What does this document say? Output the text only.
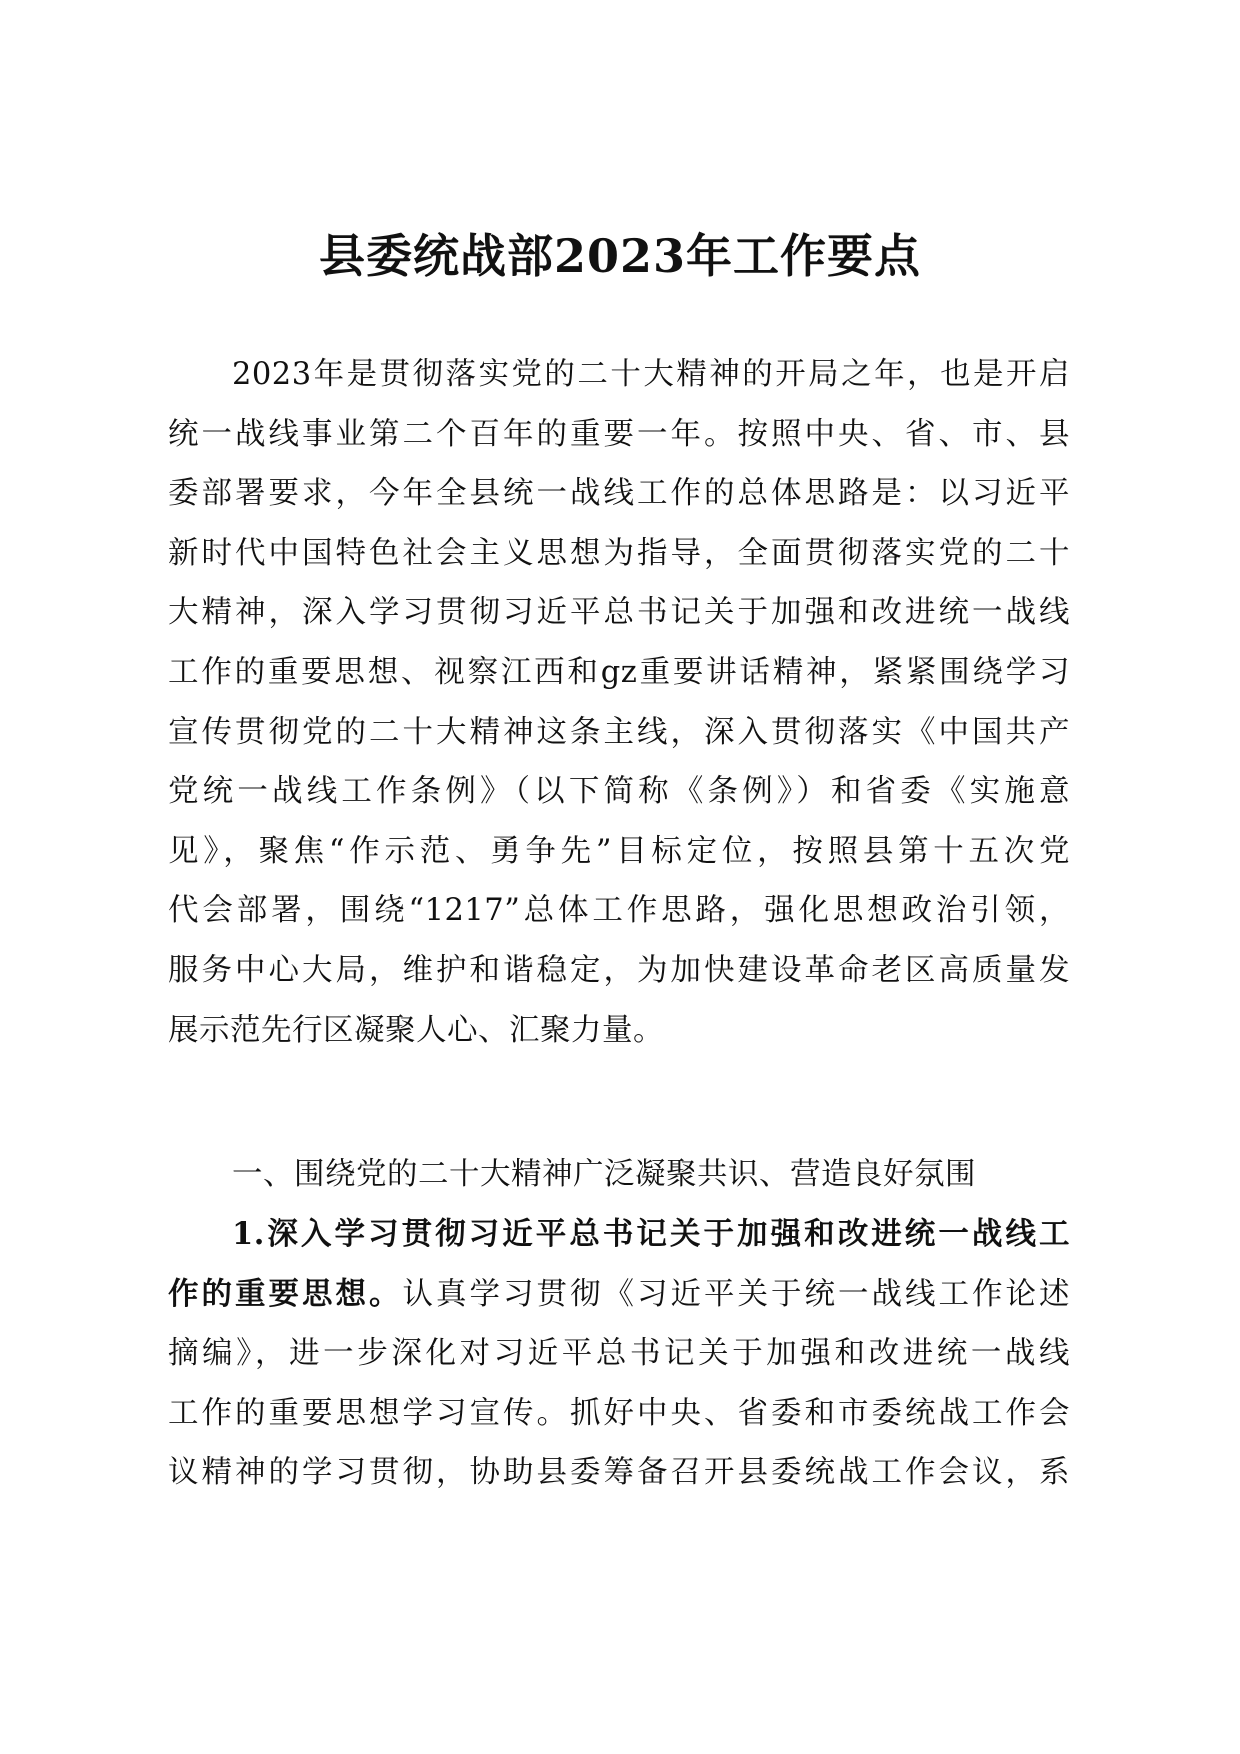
县委统战部2023年工作要点
2023年是贯彻落实党的二十大精神的开局之年，也是开启
统一战线事业第二个百年的重要一年。按照中央、省、市、县
委部署要求，今年全县统一战线工作的总体思路是：以习近平
新时代中国特色社会主义思想为指导，全面贯彻落实党的二十
大精神，深入学习贯彻习近平总书记关于加强和改进统一战线
工作的重要思想、视察江西和gz重要讲话精神，紧紧围绕学习
宣传贯彻党的二十大精神这条主线，深入贯彻落实《中国共产
党统一战线工作条例》（以下简称《条例》）和省委《实施意
见》，聚焦“作示范、勇争先”目标定位，按照县第十五次党
代会部署，围绕“1217”总体工作思路，强化思想政治引领，
服务中心大局，维护和谐稳定，为加快建设革命老区高质量发
展示范先行区凝聚人心、汇聚力量。
一、围绕党的二十大精神广泛凝聚共识、营造良好氛围
1.深入学习贯彻习近平总书记关于加强和改进统一战线工
作的重要思想。认真学习贯彻《习近平关于统一战线工作论述
摘编》，进一步深化对习近平总书记关于加强和改进统一战线
工作的重要思想学习宣传。抓好中央、省委和市委统战工作会
议精神的学习贯彻，协助县委筹备召开县委统战工作会议，系
